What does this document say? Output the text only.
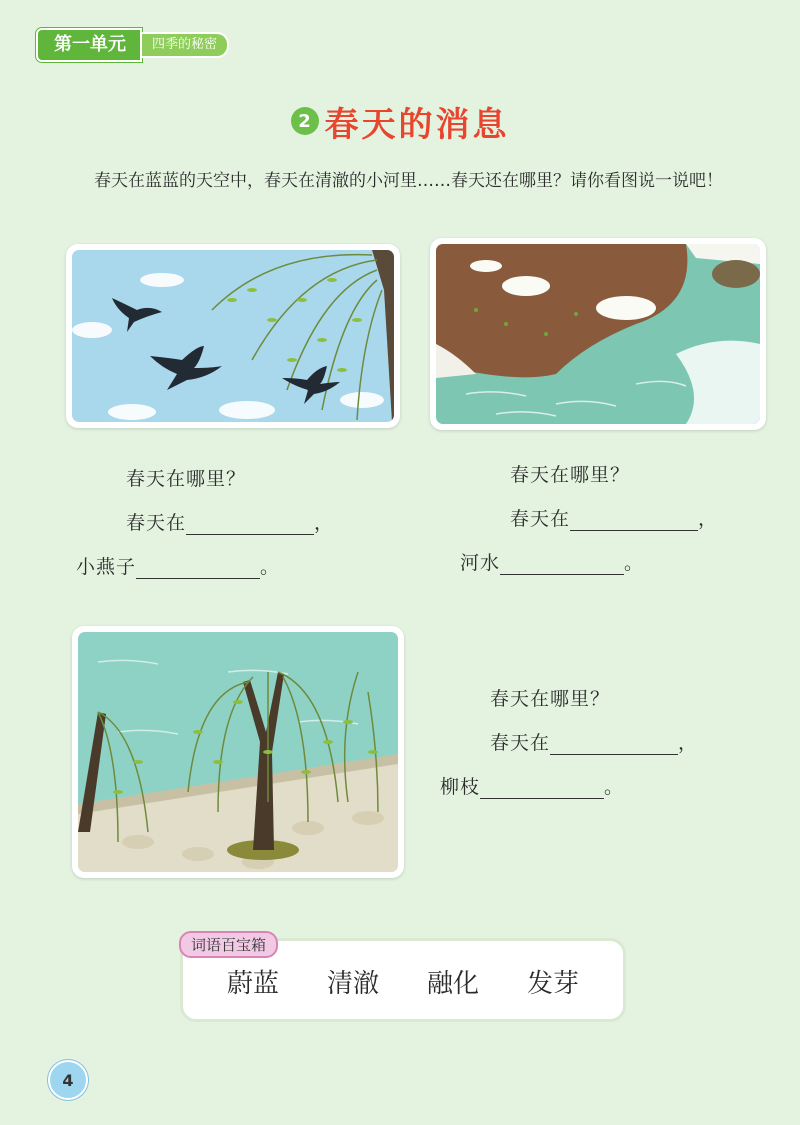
第一单元	四季的秘密
2 春天的消息
春天在蓝蓝的天空中，春天在清澈的小河里……春天还在哪里？请你看图说一说吧！
春天在哪里？
春天在	，
小燕子	。
春天在哪里？
春天在	，
河水	。
春天在哪里？
春天在	，
柳枝	。
词语百宝箱
蔚蓝 清澈 融化 发芽
4
